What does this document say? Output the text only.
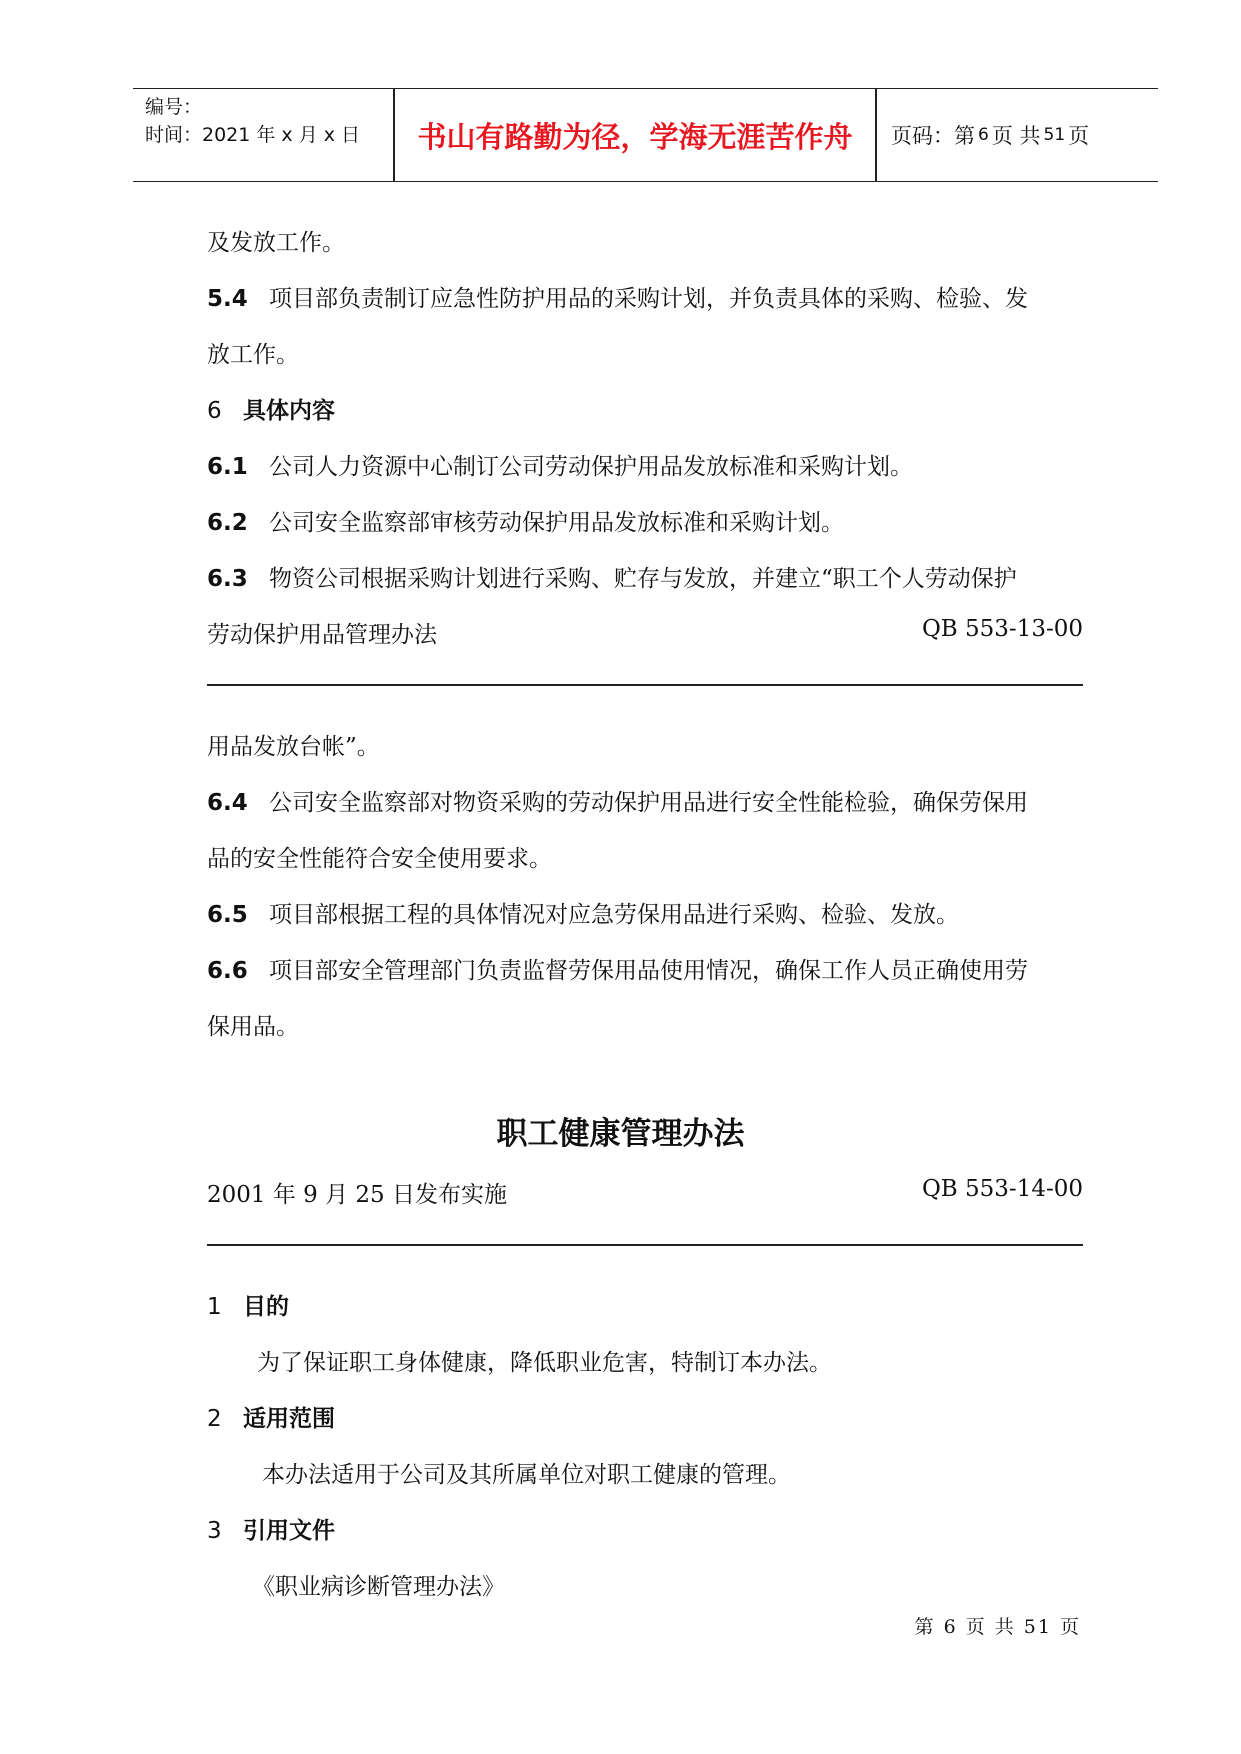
编号：
时间：2021 年 x 月 x 日	书山有路勤为径，学海无涯苦作舟	页码：第 6 页 共 51 页
及发放工作。
5.4 项目部负责制订应急性防护用品的采购计划，并负责具体的采购、检验、发
放工作。
6 具体内容
6.1 公司人力资源中心制订公司劳动保护用品发放标准和采购计划。
6.2 公司安全监察部审核劳动保护用品发放标准和采购计划。
6.3 物资公司根据采购计划进行采购、贮存与发放，并建立“职工个人劳动保护
劳动保护用品管理办法	QB 553-13-00
用品发放台帐”。
6.4 公司安全监察部对物资采购的劳动保护用品进行安全性能检验，确保劳保用
品的安全性能符合安全使用要求。
6.5 项目部根据工程的具体情况对应急劳保用品进行采购、检验、发放。
6.6 项目部安全管理部门负责监督劳保用品使用情况，确保工作人员正确使用劳
保用品。
职工健康管理办法
2001 年 9 月 25 日发布实施	QB 553-14-00
1 目的
为了保证职工身体健康，降低职业危害，特制订本办法。
2 适用范围
本办法适用于公司及其所属单位对职工健康的管理。
3 引用文件
《职业病诊断管理办法》
第 6 页 共 51 页
